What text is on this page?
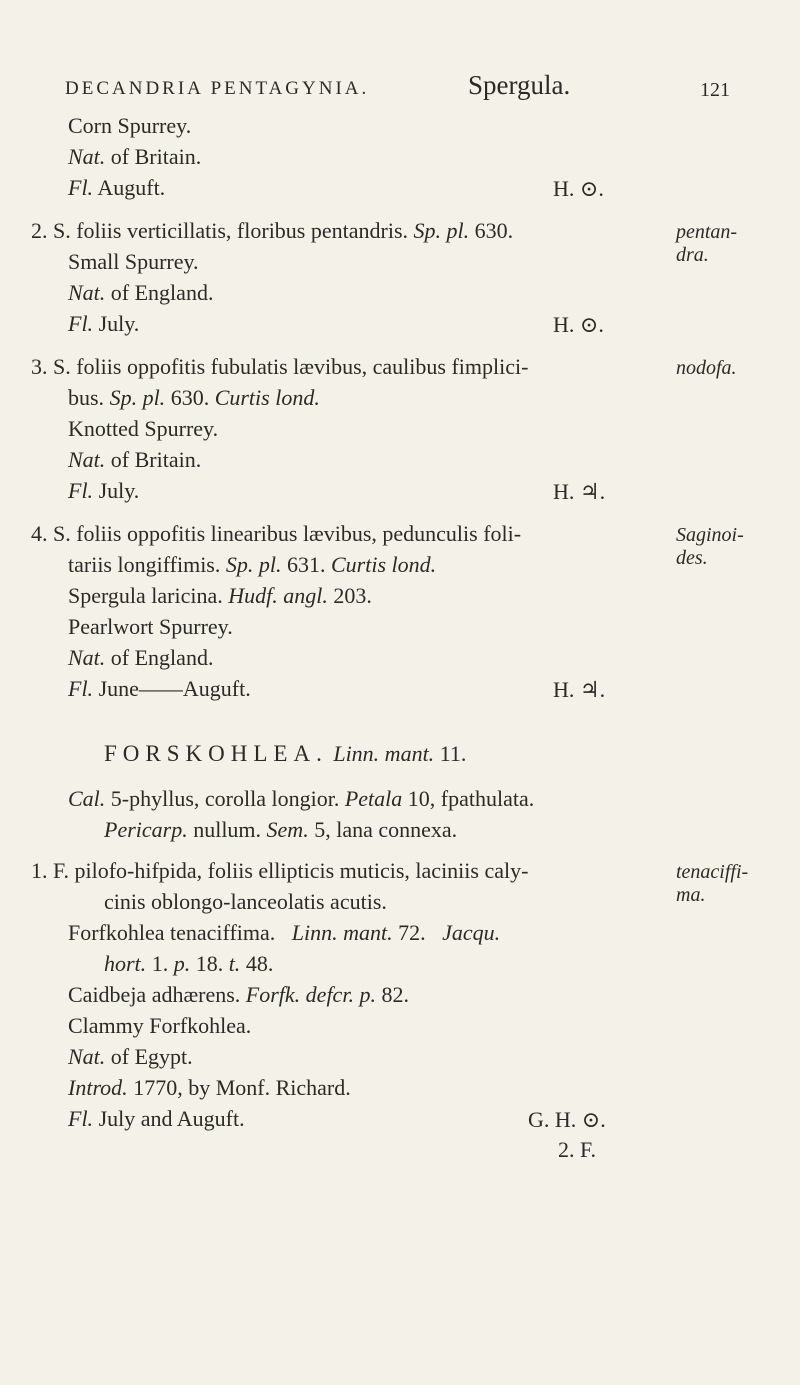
DECANDRIA PENTAGYNIA.	Spergula.	121
Corn Spurrey.
Nat. of Britain.
Fl. Auguft.	H. ⊙.
2. S. foliis verticillatis, floribus pentandris. Sp. pl. 630.	pentan-
dra.
Small Spurrey.
Nat. of England.
Fl. July.	H. ⊙.
3. S. foliis oppofitis fubulatis lævibus, caulibus fimplici-	nodofa.
bus. Sp. pl. 630. Curtis lond.
Knotted Spurrey.
Nat. of Britain.
Fl. July.	H. ♃.
4. S. foliis oppofitis linearibus lævibus, pedunculis foli-	Saginoi-
des.
tariis longiffimis. Sp. pl. 631. Curtis lond.
Spergula laricina. Hudf. angl. 203.
Pearlwort Spurrey.
Nat. of England.
Fl. June——Auguft.	H. ♃.
FORSKOHLEA. Linn. mant. 11.
Cal. 5-phyllus, corolla longior. Petala 10, fpathulata.
Pericarp. nullum. Sem. 5, lana connexa.
1. F. pilofo-hifpida, foliis ellipticis muticis, laciniis caly-	tenaciffi-
ma.
cinis oblongo-lanceolatis acutis.
Forfkohlea tenaciffima. Linn. mant. 72. Jacqu.
hort. 1. p. 18. t. 48.
Caidbeja adhærens. Forfk. defcr. p. 82.
Clammy Forfkohlea.
Nat. of Egypt.
Introd. 1770, by Monf. Richard.
Fl. July and Auguft.	G. H. ⊙.
2. F.
